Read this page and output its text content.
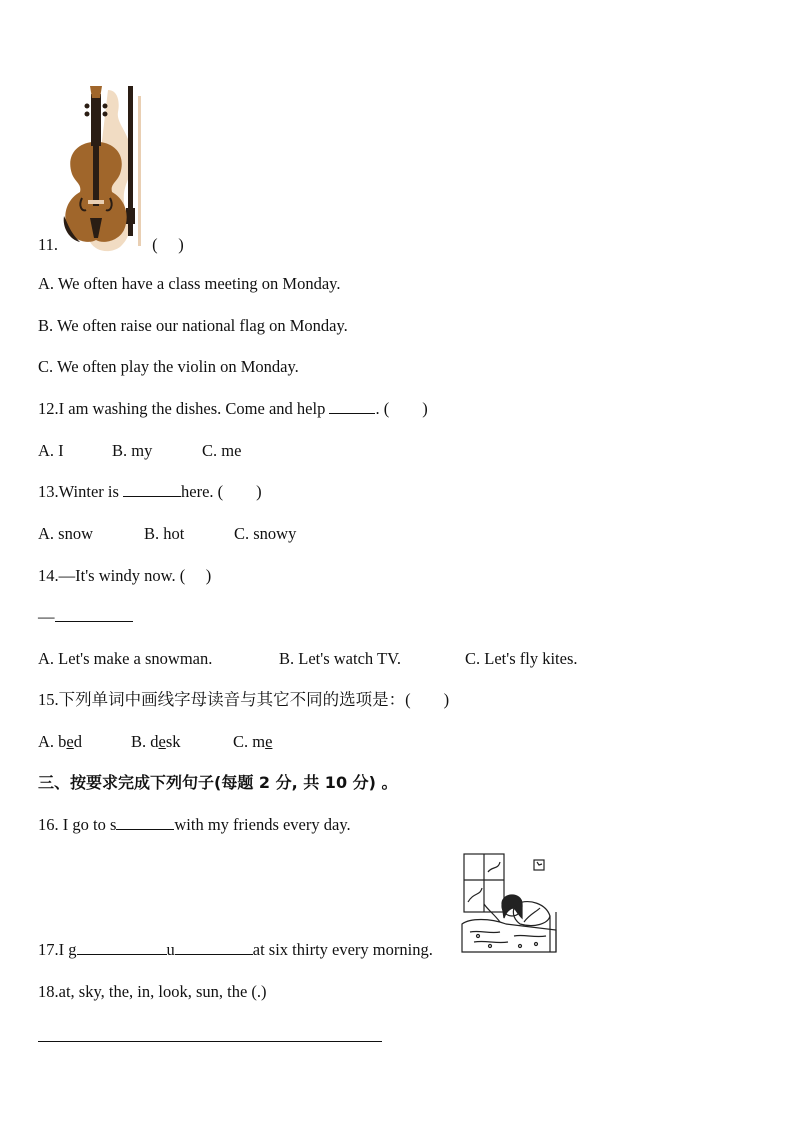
11.	(　 )
A. We often have a class meeting on Monday.
B. We often raise our national flag on Monday.
C. We often play the violin on Monday.
12.I am washing the dishes. Come and help	. (　　)
A. I	B. my	C. me
13.Winter is	here. (　　)
A. snow	B. hot	C. snowy
14.—It's windy now. (　 )
—
A. Let's make a snowman.	B. Let's watch TV.	C. Let's fly kites.
15.下列单词中画线字母读音与其它不同的选项是：(　　)
A. bed	B. desk	C. me
三、按要求完成下列句子(每题 2 分, 共 10 分) 。
16. I go to s	with my friends every day.
17.I g	u	at six thirty every morning.
18.at, sky, the, in, look, sun, the (.)
